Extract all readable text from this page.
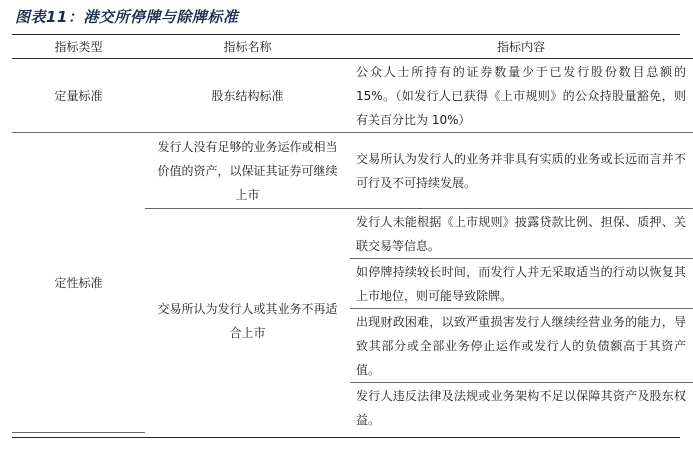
图表11：港交所停牌与除牌标准
指标类型	指标名称	指标内容
定量标准	股东结构标准	公众人士所持有的证券数量少于已发行股份数目总额的 15%。（如发行人已获得《上市规则》的公众持股量豁免，则有关百分比为 10%）
定性标准	发行人没有足够的业务运作或相当价值的资产，以保证其证券可继续上市	交易所认为发行人的业务并非具有实质的业务或长远而言并不可行及不可持续发展。
	交易所认为发行人或其业务不再适合上市	发行人未能根据《上市规则》披露贷款比例、担保、质押、关联交易等信息。
		如停牌持续较长时间，而发行人并无采取适当的行动以恢复其上市地位，则可能导致除牌。
		出现财政困难，以致严重损害发行人继续经营业务的能力，导致其部分或全部业务停止运作或发行人的负债额高于其资产值。
		发行人违反法律及法规或业务架构不足以保障其资产及股东权益。
